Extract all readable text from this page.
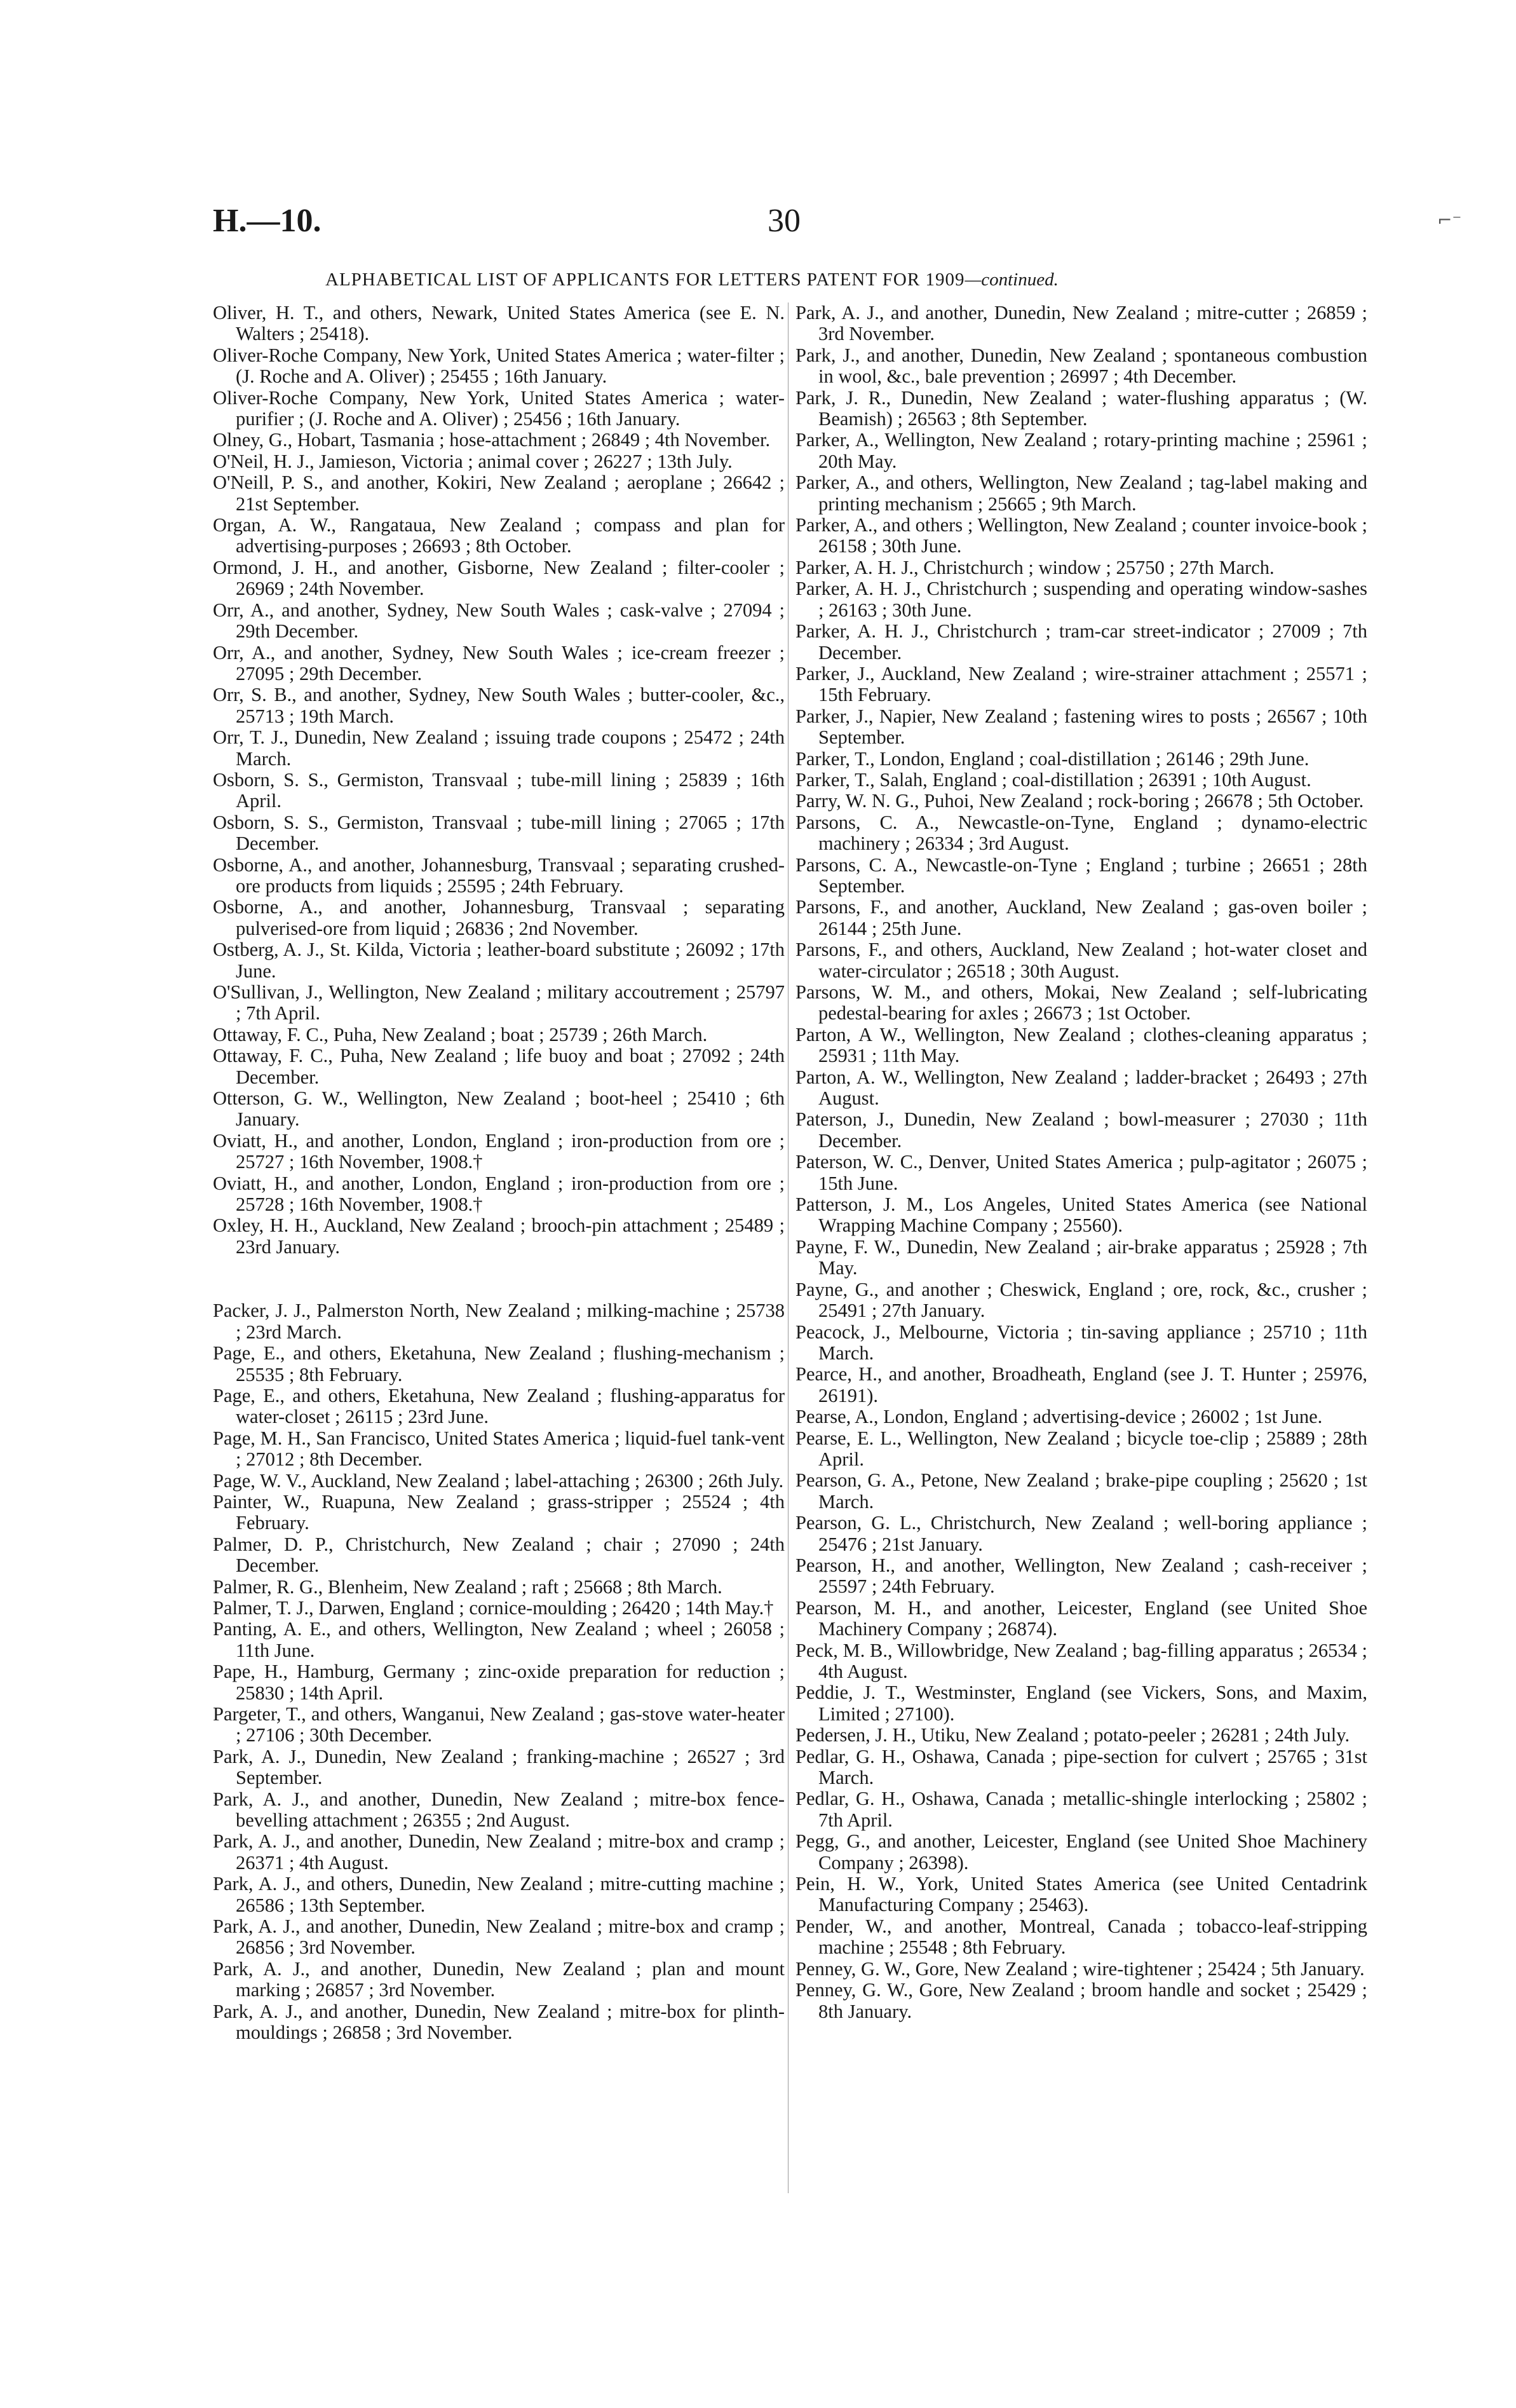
H.—10.	30
ALPHABETICAL LIST OF APPLICANTS FOR LETTERS PATENT FOR 1909—continued.
⌐⁻
Oliver, H. T., and others, Newark, United States America (see E. N. Walters ; 25418).
Oliver-Roche Company, New York, United States America ; water-filter ; (J. Roche and A. Oliver) ; 25455 ; 16th January.
Oliver-Roche Company, New York, United States America ; water-purifier ; (J. Roche and A. Oliver) ; 25456 ; 16th January.
Olney, G., Hobart, Tasmania ; hose-attachment ; 26849 ; 4th November.
O'Neil, H. J., Jamieson, Victoria ; animal cover ; 26227 ; 13th July.
O'Neill, P. S., and another, Kokiri, New Zealand ; aeroplane ; 26642 ; 21st September.
Organ, A. W., Rangataua, New Zealand ; compass and plan for advertising-purposes ; 26693 ; 8th October.
Ormond, J. H., and another, Gisborne, New Zealand ; filter-cooler ; 26969 ; 24th November.
Orr, A., and another, Sydney, New South Wales ; cask-valve ; 27094 ; 29th December.
Orr, A., and another, Sydney, New South Wales ; ice-cream freezer ; 27095 ; 29th December.
Orr, S. B., and another, Sydney, New South Wales ; butter-cooler, &c., 25713 ; 19th March.
Orr, T. J., Dunedin, New Zealand ; issuing trade coupons ; 25472 ; 24th March.
Osborn, S. S., Germiston, Transvaal ; tube-mill lining ; 25839 ; 16th April.
Osborn, S. S., Germiston, Transvaal ; tube-mill lining ; 27065 ; 17th December.
Osborne, A., and another, Johannesburg, Transvaal ; separating crushed-ore products from liquids ; 25595 ; 24th February.
Osborne, A., and another, Johannesburg, Transvaal ; separating pulverised-ore from liquid ; 26836 ; 2nd November.
Ostberg, A. J., St. Kilda, Victoria ; leather-board substitute ; 26092 ; 17th June.
O'Sullivan, J., Wellington, New Zealand ; military accoutrement ; 25797 ; 7th April.
Ottaway, F. C., Puha, New Zealand ; boat ; 25739 ; 26th March.
Ottaway, F. C., Puha, New Zealand ; life buoy and boat ; 27092 ; 24th December.
Otterson, G. W., Wellington, New Zealand ; boot-heel ; 25410 ; 6th January.
Oviatt, H., and another, London, England ; iron-production from ore ; 25727 ; 16th November, 1908.†
Oviatt, H., and another, London, England ; iron-production from ore ; 25728 ; 16th November, 1908.†
Oxley, H. H., Auckland, New Zealand ; brooch-pin attachment ; 25489 ; 23rd January.
Packer, J. J., Palmerston North, New Zealand ; milking-machine ; 25738 ; 23rd March.
Page, E., and others, Eketahuna, New Zealand ; flushing-mechanism ; 25535 ; 8th February.
Page, E., and others, Eketahuna, New Zealand ; flushing-apparatus for water-closet ; 26115 ; 23rd June.
Page, M. H., San Francisco, United States America ; liquid-fuel tank-vent ; 27012 ; 8th December.
Page, W. V., Auckland, New Zealand ; label-attaching ; 26300 ; 26th July.
Painter, W., Ruapuna, New Zealand ; grass-stripper ; 25524 ; 4th February.
Palmer, D. P., Christchurch, New Zealand ; chair ; 27090 ; 24th December.
Palmer, R. G., Blenheim, New Zealand ; raft ; 25668 ; 8th March.
Palmer, T. J., Darwen, England ; cornice-moulding ; 26420 ; 14th May.†
Panting, A. E., and others, Wellington, New Zealand ; wheel ; 26058 ; 11th June.
Pape, H., Hamburg, Germany ; zinc-oxide preparation for reduction ; 25830 ; 14th April.
Pargeter, T., and others, Wanganui, New Zealand ; gas-stove water-heater ; 27106 ; 30th December.
Park, A. J., Dunedin, New Zealand ; franking-machine ; 26527 ; 3rd September.
Park, A. J., and another, Dunedin, New Zealand ; mitre-box fence-bevelling attachment ; 26355 ; 2nd August.
Park, A. J., and another, Dunedin, New Zealand ; mitre-box and cramp ; 26371 ; 4th August.
Park, A. J., and others, Dunedin, New Zealand ; mitre-cutting machine ; 26586 ; 13th September.
Park, A. J., and another, Dunedin, New Zealand ; mitre-box and cramp ; 26856 ; 3rd November.
Park, A. J., and another, Dunedin, New Zealand ; plan and mount marking ; 26857 ; 3rd November.
Park, A. J., and another, Dunedin, New Zealand ; mitre-box for plinth-mouldings ; 26858 ; 3rd November.
Park, A. J., and another, Dunedin, New Zealand ; mitre-cutter ; 26859 ; 3rd November.
Park, J., and another, Dunedin, New Zealand ; spontaneous combustion in wool, &c., bale prevention ; 26997 ; 4th December.
Park, J. R., Dunedin, New Zealand ; water-flushing apparatus ; (W. Beamish) ; 26563 ; 8th September.
Parker, A., Wellington, New Zealand ; rotary-printing machine ; 25961 ; 20th May.
Parker, A., and others, Wellington, New Zealand ; tag-label making and printing mechanism ; 25665 ; 9th March.
Parker, A., and others ; Wellington, New Zealand ; counter invoice-book ; 26158 ; 30th June.
Parker, A. H. J., Christchurch ; window ; 25750 ; 27th March.
Parker, A. H. J., Christchurch ; suspending and operating window-sashes ; 26163 ; 30th June.
Parker, A. H. J., Christchurch ; tram-car street-indicator ; 27009 ; 7th December.
Parker, J., Auckland, New Zealand ; wire-strainer attachment ; 25571 ; 15th February.
Parker, J., Napier, New Zealand ; fastening wires to posts ; 26567 ; 10th September.
Parker, T., London, England ; coal-distillation ; 26146 ; 29th June.
Parker, T., Salah, England ; coal-distillation ; 26391 ; 10th August.
Parry, W. N. G., Puhoi, New Zealand ; rock-boring ; 26678 ; 5th October.
Parsons, C. A., Newcastle-on-Tyne, England ; dynamo-electric machinery ; 26334 ; 3rd August.
Parsons, C. A., Newcastle-on-Tyne ; England ; turbine ; 26651 ; 28th September.
Parsons, F., and another, Auckland, New Zealand ; gas-oven boiler ; 26144 ; 25th June.
Parsons, F., and others, Auckland, New Zealand ; hot-water closet and water-circulator ; 26518 ; 30th August.
Parsons, W. M., and others, Mokai, New Zealand ; self-lubricating pedestal-bearing for axles ; 26673 ; 1st October.
Parton, A W., Wellington, New Zealand ; clothes-cleaning apparatus ; 25931 ; 11th May.
Parton, A. W., Wellington, New Zealand ; ladder-bracket ; 26493 ; 27th August.
Paterson, J., Dunedin, New Zealand ; bowl-measurer ; 27030 ; 11th December.
Paterson, W. C., Denver, United States America ; pulp-agitator ; 26075 ; 15th June.
Patterson, J. M., Los Angeles, United States America (see National Wrapping Machine Company ; 25560).
Payne, F. W., Dunedin, New Zealand ; air-brake apparatus ; 25928 ; 7th May.
Payne, G., and another ; Cheswick, England ; ore, rock, &c., crusher ; 25491 ; 27th January.
Peacock, J., Melbourne, Victoria ; tin-saving appliance ; 25710 ; 11th March.
Pearce, H., and another, Broadheath, England (see J. T. Hunter ; 25976, 26191).
Pearse, A., London, England ; advertising-device ; 26002 ; 1st June.
Pearse, E. L., Wellington, New Zealand ; bicycle toe-clip ; 25889 ; 28th April.
Pearson, G. A., Petone, New Zealand ; brake-pipe coupling ; 25620 ; 1st March.
Pearson, G. L., Christchurch, New Zealand ; well-boring appliance ; 25476 ; 21st January.
Pearson, H., and another, Wellington, New Zealand ; cash-receiver ; 25597 ; 24th February.
Pearson, M. H., and another, Leicester, England (see United Shoe Machinery Company ; 26874).
Peck, M. B., Willowbridge, New Zealand ; bag-filling apparatus ; 26534 ; 4th August.
Peddie, J. T., Westminster, England (see Vickers, Sons, and Maxim, Limited ; 27100).
Pedersen, J. H., Utiku, New Zealand ; potato-peeler ; 26281 ; 24th July.
Pedlar, G. H., Oshawa, Canada ; pipe-section for culvert ; 25765 ; 31st March.
Pedlar, G. H., Oshawa, Canada ; metallic-shingle interlocking ; 25802 ; 7th April.
Pegg, G., and another, Leicester, England (see United Shoe Machinery Company ; 26398).
Pein, H. W., York, United States America (see United Centadrink Manufacturing Company ; 25463).
Pender, W., and another, Montreal, Canada ; tobacco-leaf-stripping machine ; 25548 ; 8th February.
Penney, G. W., Gore, New Zealand ; wire-tightener ; 25424 ; 5th January.
Penney, G. W., Gore, New Zealand ; broom handle and socket ; 25429 ; 8th January.
